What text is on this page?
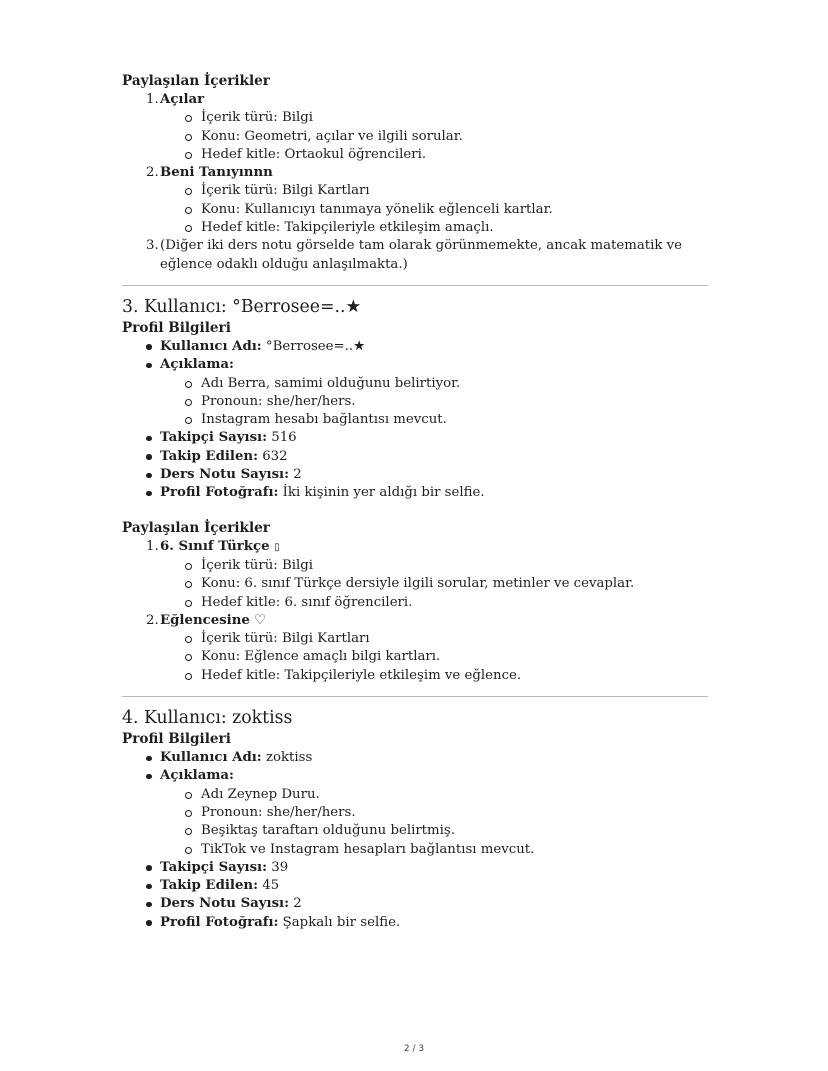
Paylaşılan İçerikler

1. Açılar
İçerik türü: Bilgi
Konu: Geometri, açılar ve ilgili sorular.
Hedef kitle: Ortaokul öğrencileri.
2. Beni Tanıyınnn
İçerik türü: Bilgi Kartları
Konu: Kullanıcıyı tanımaya yönelik eğlenceli kartlar.
Hedef kitle: Takipçileriyle etkileşim amaçlı.
3. (Diğer iki ders notu görselde tam olarak görünmemekte, ancak matematik ve eğlence odaklı olduğu anlaşılmakta.)
3. Kullanıcı: °Berrosee=..★

Profil Bilgileri

Kullanıcı Adı: °Berrosee=..★
Açıklama:
Adı Berra, samimi olduğunu belirtiyor.
Pronoun: she/her/hers.
Instagram hesabı bağlantısı mevcut.
Takipçi Sayısı: 516
Takip Edilen: 632
Ders Notu Sayısı: 2
Profil Fotoğrafı: İki kişinin yer aldığı bir selfie.

Paylaşılan İçerikler

1. 6. Sınıf Türkçe ▯
İçerik türü: Bilgi
Konu: 6. sınıf Türkçe dersiyle ilgili sorular, metinler ve cevaplar.
Hedef kitle: 6. sınıf öğrencileri.
2. Eğlencesine ♡
İçerik türü: Bilgi Kartları
Konu: Eğlence amaçlı bilgi kartları.
Hedef kitle: Takipçileriyle etkileşim ve eğlence.
4. Kullanıcı: zoktiss

Profil Bilgileri

Kullanıcı Adı: zoktiss
Açıklama:
Adı Zeynep Duru.
Pronoun: she/her/hers.
Beşiktaş taraftarı olduğunu belirtmiş.
TikTok ve Instagram hesapları bağlantısı mevcut.
Takipçi Sayısı: 39
Takip Edilen: 45
Ders Notu Sayısı: 2
Profil Fotoğrafı: Şapkalı bir selfie.
2 / 3
